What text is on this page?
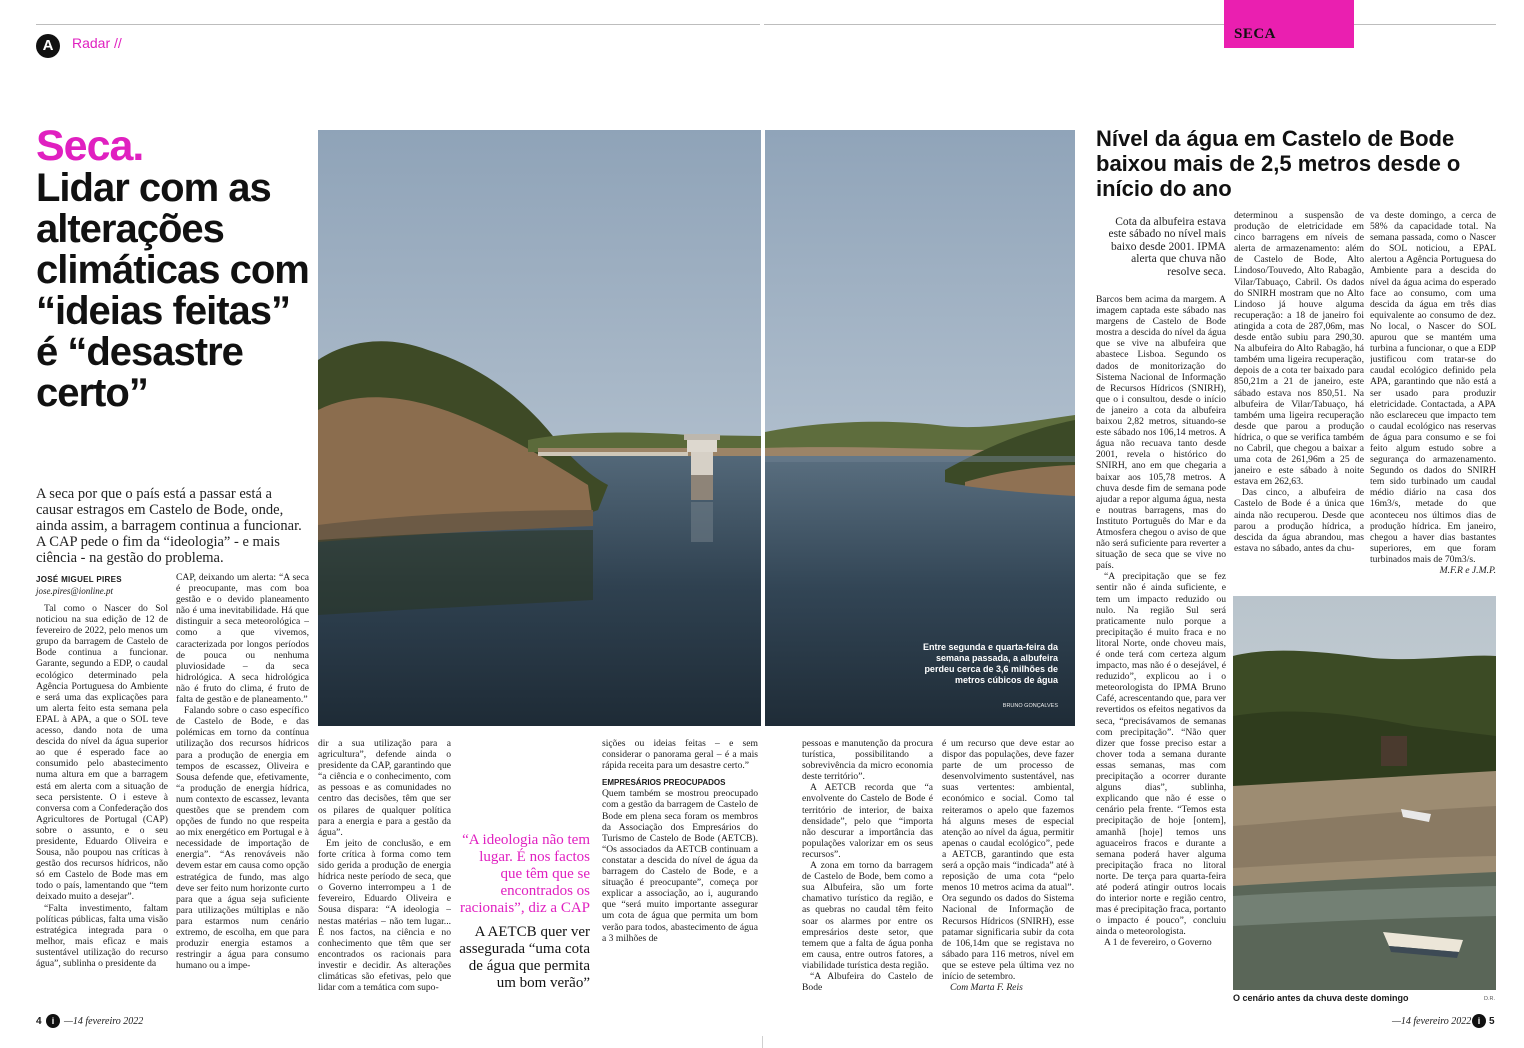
A	Radar //
SECA
Seca.
Lidar com as alterações climáticas com “ideias feitas” é “desastre certo”
A seca por que o país está a passar está a causar estragos em Castelo de Bode, onde, ainda assim, a barragem continua a funcionar. A CAP pede o fim da “ideologia” - e mais ciência - na gestão do problema.
JOSÉ MIGUEL PIRES
jose.pires@ionline.pt

Tal como o Nascer do Sol noticiou na sua edição de 12 de fevereiro de 2022, pelo menos um grupo da barragem de Castelo de Bode continua a funcionar. Garante, segundo a EDP, o caudal ecológico determinado pela Agência Portuguesa do Ambiente e será uma das explicações para um alerta feito esta semana pela EPAL à APA, a que o SOL teve acesso, dando nota de uma descida do nível da água superior ao que é esperado face ao consumido pelo abastecimento numa altura em que a barragem está em alerta com a situação de seca persistente. O i esteve à conversa com a Confederação dos Agricultores de Portugal (CAP) sobre o assunto, e o seu presidente, Eduardo Oliveira e Sousa, não poupou nas críticas à gestão dos recursos hídricos, não só em Castelo de Bode mas em todo o país, lamentando que “tem deixado muito a desejar”.

“Falta investimento, faltam políticas públicas, falta uma visão estratégica integrada para o melhor, mais eficaz e mais sustentável utilização do recurso água”, sublinha o presidente da

CAP, deixando um alerta: “A seca é preocupante, mas com boa gestão e o devido planeamento não é uma inevitabilidade. Há que distinguir a seca meteorológica – como a que vivemos, caracterizada por longos períodos de pouca ou nenhuma pluviosidade – da seca hidrológica. A seca hidrológica não é fruto do clima, é fruto de falta de gestão e de planeamento.”

Falando sobre o caso específico de Castelo de Bode, e das polémicas em torno da contínua utilização dos recursos hídricos para a produção de energia em tempos de escassez, Oliveira e Sousa defende que, efetivamente, “a produção de energia hídrica, num contexto de escassez, levanta questões que se prendem com opções de fundo no que respeita ao mix energético em Portugal e à necessidade de importação de energia”. “As renováveis não devem estar em causa como opção estratégica de fundo, mas algo deve ser feito num horizonte curto para que a água seja suficiente para utilizações múltiplas e não para estarmos num cenário extremo, de escolha, em que para produzir energia estamos a restringir a água para consumo humano ou a impe-

dir a sua utilização para a agricultura”, defende ainda o presidente da CAP, garantindo que “a ciência e o conhecimento, com as pessoas e as comunidades no centro das decisões, têm que ser os pilares de qualquer política para a energia e para a gestão da água”.

Em jeito de conclusão, e em forte crítica à forma como tem sido gerida a produção de energia hídrica neste período de seca, que o Governo interrompeu a 1 de fevereiro, Eduardo Oliveira e Sousa dispara: “A ideologia – nestas matérias – não tem lugar... É nos factos, na ciência e no conhecimento que têm que ser encontrados os racionais para investir e decidir. As alterações climáticas são efetivas, pelo que lidar com a temática com supo-

sições ou ideias feitas – e sem considerar o panorama geral – é a mais rápida receita para um desastre certo.”

EMPRESÁRIOS PREOCUPADOS

Quem também se mostrou preocupado com a gestão da barragem de Castelo de Bode em plena seca foram os membros da Associação dos Empresários do Turismo de Castelo de Bode (AETCB). “Os associados da AETCB continuam a constatar a descida do nível de água da barragem do Castelo de Bode, e a situação é preocupante”, começa por explicar a associação, ao i, augurando que “será muito importante assegurar um cota de água que permita um bom verão para todos, abastecimento de água a 3 milhões de

pessoas e manutenção da procura turística, possibilitando a sobrevivência da micro economia deste território”.

A AETCB recorda que “a envolvente do Castelo de Bode é território de interior, de baixa densidade”, pelo que “importa não descurar a importância das populações valorizar em os seus recursos”.

A zona em torno da barragem de Castelo de Bode, bem como a sua Albufeira, são um forte chamativo turístico da região, e as quebras no caudal têm feito soar os alarmes por entre os empresários deste setor, que temem que a falta de água ponha em causa, entre outros fatores, a viabilidade turística desta região.

“A Albufeira do Castelo de Bode

é um recurso que deve estar ao dispor das populações, deve fazer parte de um processo de desenvolvimento sustentável, nas suas vertentes: ambiental, económico e social. Como tal reiteramos o apelo que fazemos há alguns meses de especial atenção ao nível da água, permitir apenas o caudal ecológico”, pede a AETCB, garantindo que esta será a opção mais “indicada” até à reposição de uma cota “pelo menos 10 metros acima da atual”. Ora segundo os dados do Sistema Nacional de Informação de Recursos Hídricos (SNIRH), esse patamar significaria subir da cota de 106,14m que se registava no sábado para 116 metros, nível em que se esteve pela última vez no início de setembro.

Com Marta F. Reis

“A ideologia não tem lugar. É nos factos que têm que se encontrados os racionais”, diz a CAP
A AETCB quer ver assegurada “uma cota de água que permita um bom verão”
Entre segunda e quarta-feira da semana passada, a albufeira perdeu cerca de 3,6 milhões de metros cúbicos de água
BRUNO GONÇALVES
Nível da água em Castelo de Bode baixou mais de 2,5 metros desde o início do ano
Cota da albufeira estava este sábado no nível mais baixo desde 2001. IPMA alerta que chuva não resolve seca.

Barcos bem acima da margem. A imagem captada este sábado nas margens de Castelo de Bode mostra a descida do nível da água que se vive na albufeira que abastece Lisboa. Segundo os dados de monitorização do Sistema Nacional de Informação de Recursos Hídricos (SNIRH), que o i consultou, desde o início de janeiro a cota da albufeira baixou 2,82 metros, situando-se este sábado nos 106,14 metros. A água não recuava tanto desde 2001, revela o histórico do SNIRH, ano em que chegaria a baixar aos 105,78 metros. A chuva desde fim de semana pode ajudar a repor alguma água, nesta e noutras barragens, mas do Instituto Português do Mar e da Atmosfera chegou o aviso de que não será suficiente para reverter a situação de seca que se vive no país.

“A precipitação que se fez sentir não é ainda suficiente, e tem um impacto reduzido ou nulo. Na região Sul será praticamente nulo porque a precipitação é muito fraca e no litoral Norte, onde choveu mais, é onde terá com certeza algum impacto, mas não é o desejável, é reduzido”, explicou ao i o meteorologista do IPMA Bruno Café, acrescentando que, para ver revertidos os efeitos negativos da seca, “precisávamos de semanas com precipitação”. “Não quer dizer que fosse preciso estar a chover toda a semana durante essas semanas, mas com precipitação a ocorrer durante alguns dias”, sublinha, explicando que não é esse o cenário pela frente. “Temos esta precipitação de hoje [ontem], amanhã [hoje] temos uns aguaceiros fracos e durante a semana poderá haver alguma precipitação fraca no litoral norte. De terça para quarta-feira até poderá atingir outros locais do interior norte e região centro, mas é precipitação fraca, portanto o impacto é pouco”, concluiu ainda o meteorologista.

A 1 de fevereiro, o Governo

determinou a suspensão de produção de eletricidade em cinco barragens em níveis de alerta de armazenamento: além de Castelo de Bode, Alto Lindoso/Touvedo, Alto Rabagão, Vilar/Tabuaço, Cabril. Os dados do SNIRH mostram que no Alto Lindoso já houve alguma recuperação: a 18 de janeiro foi atingida a cota de 287,06m, mas desde então subiu para 290,30. Na albufeira do Alto Rabagão, há também uma ligeira recuperação, depois de a cota ter baixado para 850,21m a 21 de janeiro, este sábado estava nos 850,51. Na albufeira de Vilar/Tabuaço, há também uma ligeira recuperação desde que parou a produção hídrica, o que se verifica também no Cabril, que chegou a baixar a uma cota de 261,96m a 25 de janeiro e este sábado à noite estava em 262,63.

Das cinco, a albufeira de Castelo de Bode é a única que ainda não recuperou. Desde que parou a produção hídrica, a descida da água abrandou, mas estava no sábado, antes da chu-

va deste domingo, a cerca de 58% da capacidade total. Na semana passada, como o Nascer do SOL noticiou, a EPAL alertou a Agência Portuguesa do Ambiente para a descida do nível da água acima do esperado face ao consumo, com uma descida da água em três dias equivalente ao consumo de dez. No local, o Nascer do SOL apurou que se mantém uma turbina a funcionar, o que a EDP justificou com tratar-se do caudal ecológico definido pela APA, garantindo que não está a ser usado para produzir eletricidade. Contactada, a APA não esclareceu que impacto tem o caudal ecológico nas reservas de água para consumo e se foi feito algum estudo sobre a segurança do armazenamento. Segundo os dados do SNIRH tem sido turbinado um caudal médio diário na casa dos 16m3/s, metade do que aconteceu nos últimos dias de produção hídrica. Em janeiro, chegou a haver dias bastantes superiores, em que foram turbinados mais de 70m3/s.

M.F.R e J.M.P.

O cenário antes da chuva deste domingo	D.R.
4	i —14 fevereiro 2022	—14 fevereiro 2022 i 5
